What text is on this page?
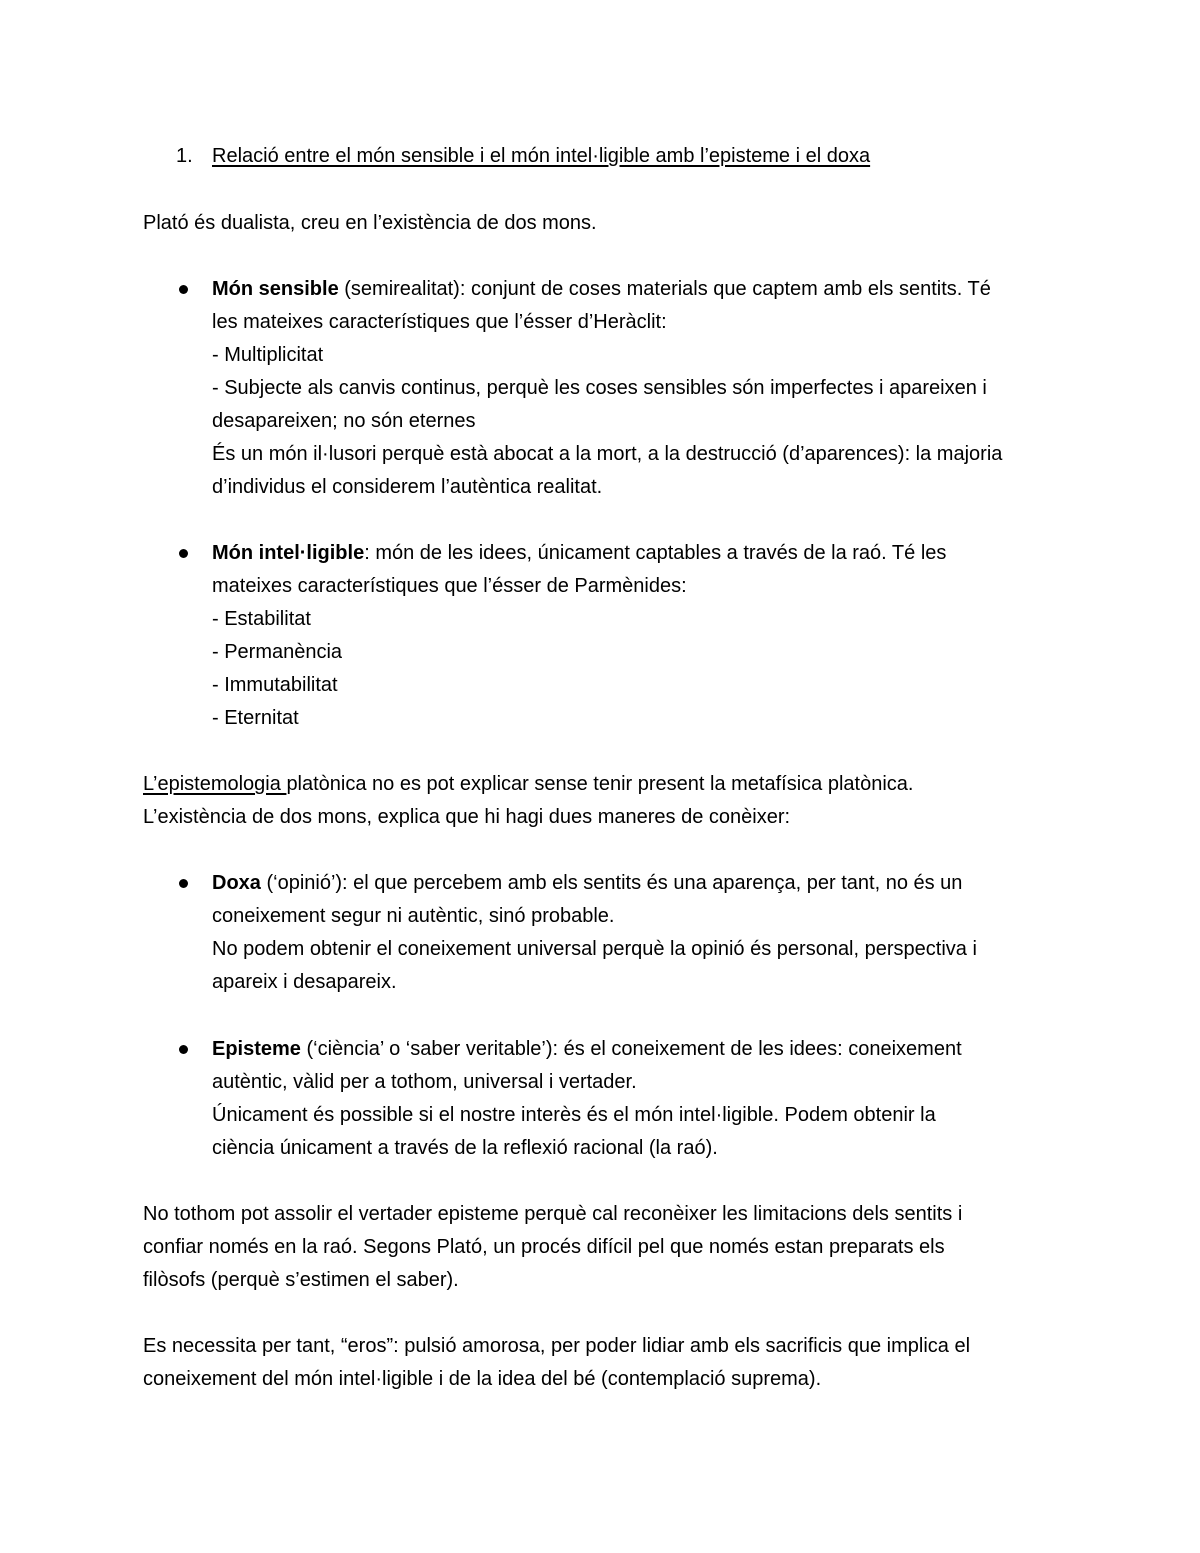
1. Relació entre el món sensible i el món intel·ligible amb l’episteme i el doxa
Plató és dualista, creu en l’existència de dos mons.
Món sensible (semirealitat): conjunt de coses materials que captem amb els sentits. Té
les mateixes característiques que l’ésser d’Heràclit:
- Multiplicitat
- Subjecte als canvis continus, perquè les coses sensibles són imperfectes i apareixen i
desapareixen; no són eternes
És un món il·lusori perquè està abocat a la mort, a la destrucció (d’aparences): la majoria
d’individus el considerem l’autèntica realitat.
Món intel·ligible: món de les idees, únicament captables a través de la raó. Té les
mateixes característiques que l’ésser de Parmènides:
- Estabilitat
- Permanència
- Immutabilitat
- Eternitat
L’epistemologia platònica no es pot explicar sense tenir present la metafísica platònica.
L’existència de dos mons, explica que hi hagi dues maneres de conèixer:
Doxa (‘opinió’): el que percebem amb els sentits és una aparença, per tant, no és un
coneixement segur ni autèntic, sinó probable.
No podem obtenir el coneixement universal perquè la opinió és personal, perspectiva i
apareix i desapareix.
Episteme (‘ciència’ o ‘saber veritable’): és el coneixement de les idees: coneixement
autèntic, vàlid per a tothom, universal i vertader.
Únicament és possible si el nostre interès és el món intel·ligible. Podem obtenir la
ciència únicament a través de la reflexió racional (la raó).
No tothom pot assolir el vertader episteme perquè cal reconèixer les limitacions dels sentits i
confiar només en la raó. Segons Plató, un procés difícil pel que només estan preparats els
filòsofs (perquè s’estimen el saber).
Es necessita per tant, “eros”: pulsió amorosa, per poder lidiar amb els sacrificis que implica el
coneixement del món intel·ligible i de la idea del bé (contemplació suprema).
